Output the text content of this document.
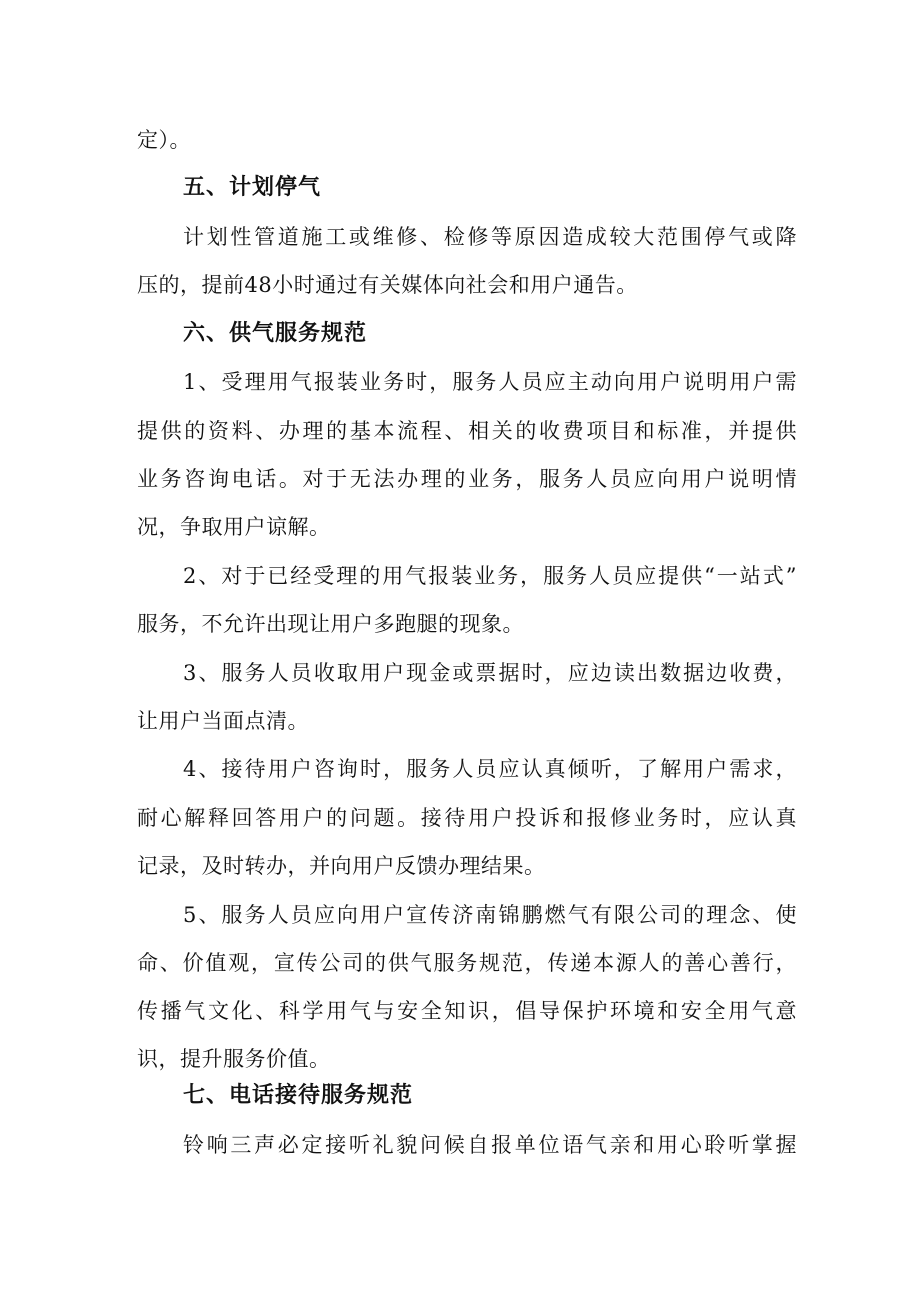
定）。
五、计划停气
计划性管道施工或维修、检修等原因造成较大范围停气或降
压的，提前48小时通过有关媒体向社会和用户通告。
六、供气服务规范
1、受理用气报装业务时，服务人员应主动向用户说明用户需
提供的资料、办理的基本流程、相关的收费项目和标准，并提供
业务咨询电话。对于无法办理的业务，服务人员应向用户说明情
况，争取用户谅解。
2、对于已经受理的用气报装业务，服务人员应提供“一站式”
服务，不允许出现让用户多跑腿的现象。
3、服务人员收取用户现金或票据时，应边读出数据边收费，
让用户当面点清。
4、接待用户咨询时，服务人员应认真倾听，了解用户需求，
耐心解释回答用户的问题。接待用户投诉和报修业务时，应认真
记录，及时转办，并向用户反馈办理结果。
5、服务人员应向用户宣传济南锦鹏燃气有限公司的理念、使
命、价值观，宣传公司的供气服务规范，传递本源人的善心善行，
传播气文化、科学用气与安全知识，倡导保护环境和安全用气意
识，提升服务价值。
七、电话接待服务规范
铃响三声必定接听礼貌问候自报单位语气亲和用心聆听掌握
